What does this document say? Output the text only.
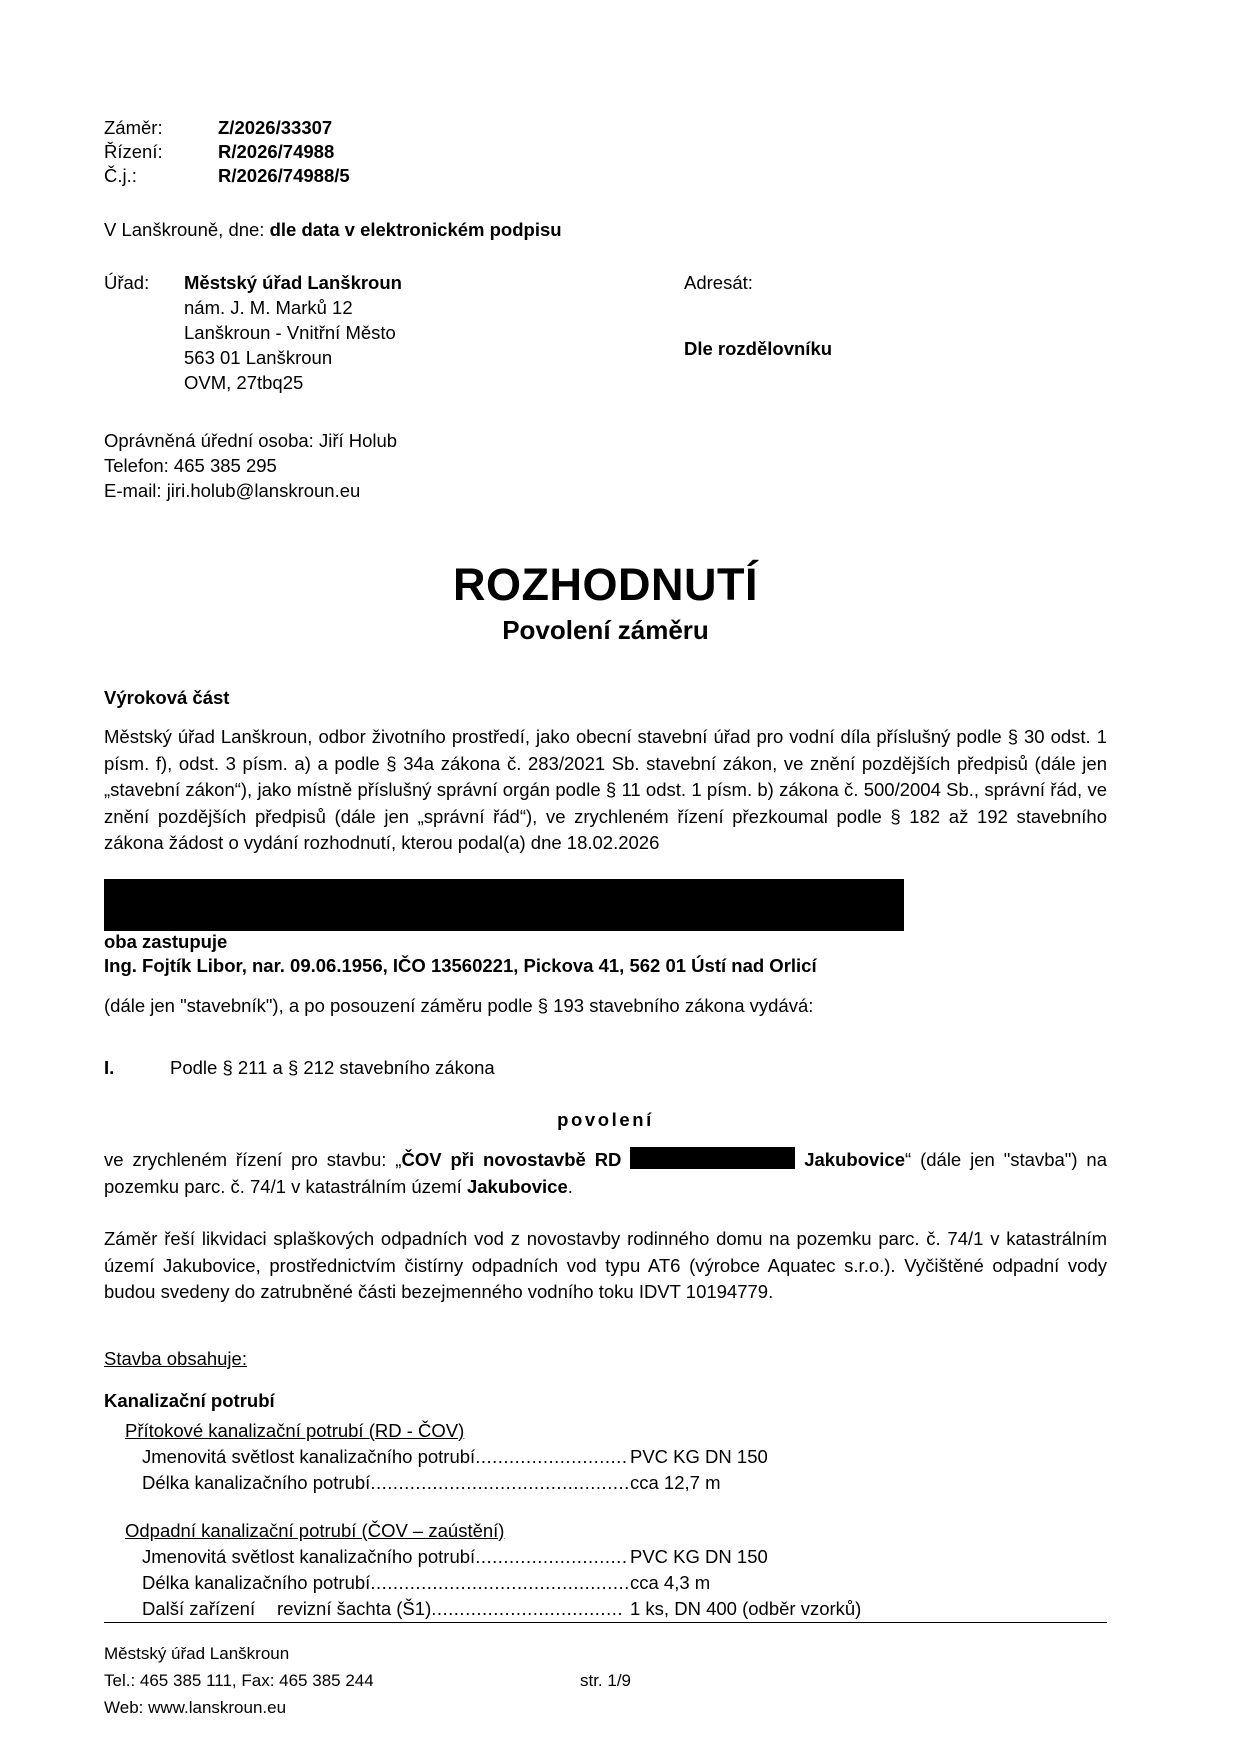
Záměr:	Z/2026/33307
Řízení:	R/2026/74988
Č.j.:	R/2026/74988/5
V Lanškrouně, dne: dle data v elektronickém podpisu
Úřad:	Městský úřad Lanškroun
nám. J. M. Marků 12
Lanškroun - Vnitřní Město
563 01 Lanškroun
OVM, 27tbq25
Adresát:
Dle rozdělovníku
Oprávněná úřední osoba: Jiří Holub
Telefon: 465 385 295
E-mail: jiri.holub@lanskroun.eu
ROZHODNUTÍ
Povolení záměru
Výroková část

Městský úřad Lanškroun, odbor životního prostředí, jako obecní stavební úřad pro vodní díla příslušný podle § 30 odst. 1 písm. f), odst. 3 písm. a) a podle § 34a zákona č. 283/2021 Sb. stavební zákon, ve znění pozdějších předpisů (dále jen „stavební zákon“), jako místně příslušný správní orgán podle § 11 odst. 1 písm. b) zákona č. 500/2004 Sb., správní řád, ve znění pozdějších předpisů (dále jen „správní řád“), ve zrychleném řízení přezkoumal podle § 182 až 192 stavebního zákona žádost o vydání rozhodnutí, kterou podal(a) dne 18.02.2026

oba zastupuje
Ing. Fojtík Libor, nar. 09.06.1956, IČO 13560221, Pickova 41, 562 01 Ústí nad Orlicí

(dále jen "stavebník"), a po posouzení záměru podle § 193 stavebního zákona vydává:

I.	Podle § 211 a § 212 stavebního zákona
povolení

ve zrychleném řízení pro stavbu: „ČOV při novostavbě RD	Jakubovice“ (dále jen "stavba") na pozemku parc. č. 74/1 v katastrálním území Jakubovice.

Záměr řeší likvidaci splaškových odpadních vod z novostavby rodinného domu na pozemku parc. č. 74/1 v katastrálním území Jakubovice, prostřednictvím čistírny odpadních vod typu AT6 (výrobce Aquatec s.r.o.). Vyčištěné odpadní vody budou svedeny do zatrubněné části bezejmenného vodního toku IDVT 10194779.

Stavba obsahuje:
Kanalizační potrubí
Přítokové kanalizační potrubí (RD - ČOV)
Jmenovitá světlost kanalizačního potrubí ........................... PVC KG DN 150
Délka kanalizačního potrubí .............................................. cca 12,7 m
Odpadní kanalizační potrubí (ČOV – zaústění)
Jmenovitá světlost kanalizačního potrubí ........................... PVC KG DN 150
Délka kanalizačního potrubí .............................................. cca 4,3 m
Další zařízení	revizní šachta (Š1) .................................. 1 ks, DN 400 (odběr vzorků)
Městský úřad Lanškroun
Tel.: 465 385 111, Fax: 465 385 244	str. 1/9
Web: www.lanskroun.eu
